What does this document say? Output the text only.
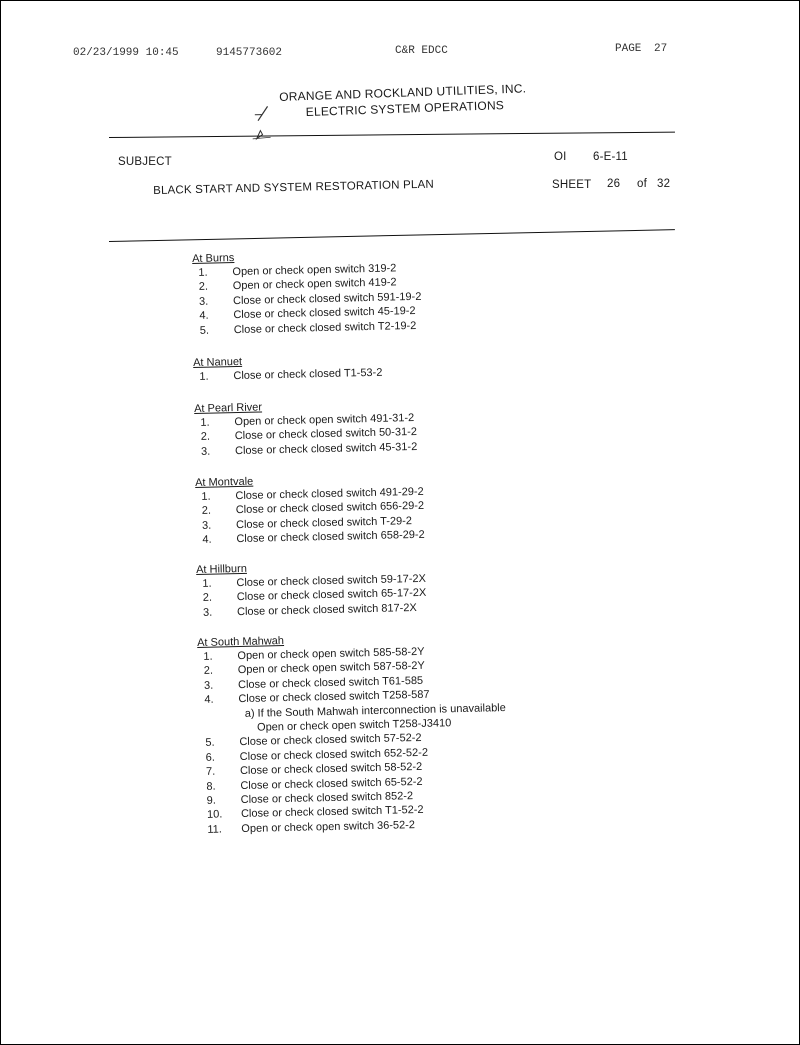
02/23/1999 10:45	9145773602	C&R EDCC	PAGE 27
ORANGE AND ROCKLAND UTILITIES, INC.
ELECTRIC SYSTEM OPERATIONS
SUBJECT	OI 6-E-11
BLACK START AND SYSTEM RESTORATION PLAN	SHEET 26 of 32
At Burns
1.	Open or check open switch 319-2
2.	Open or check open switch 419-2
3.	Close or check closed switch 591-19-2
4.	Close or check closed switch 45-19-2
5.	Close or check closed switch T2-19-2
At Nanuet
1.	Close or check closed T1-53-2
At Pearl River
1.	Open or check open switch 491-31-2
2.	Close or check closed switch 50-31-2
3.	Close or check closed switch 45-31-2
At Montvale
1.	Close or check closed switch 491-29-2
2.	Close or check closed switch 656-29-2
3.	Close or check closed switch T-29-2
4.	Close or check closed switch 658-29-2
At Hillburn
1.	Close or check closed switch 59-17-2X
2.	Close or check closed switch 65-17-2X
3.	Close or check closed switch 817-2X
At South Mahwah
1.	Open or check open switch 585-58-2Y
2.	Open or check open switch 587-58-2Y
3.	Close or check closed switch T61-585
4.	Close or check closed switch T258-587
a) If the South Mahwah interconnection is unavailable
Open or check open switch T258-J3410
5.	Close or check closed switch 57-52-2
6.	Close or check closed switch 652-52-2
7.	Close or check closed switch 58-52-2
8.	Close or check closed switch 65-52-2
9.	Close or check closed switch 852-2
10.	Close or check closed switch T1-52-2
11.	Open or check open switch 36-52-2
